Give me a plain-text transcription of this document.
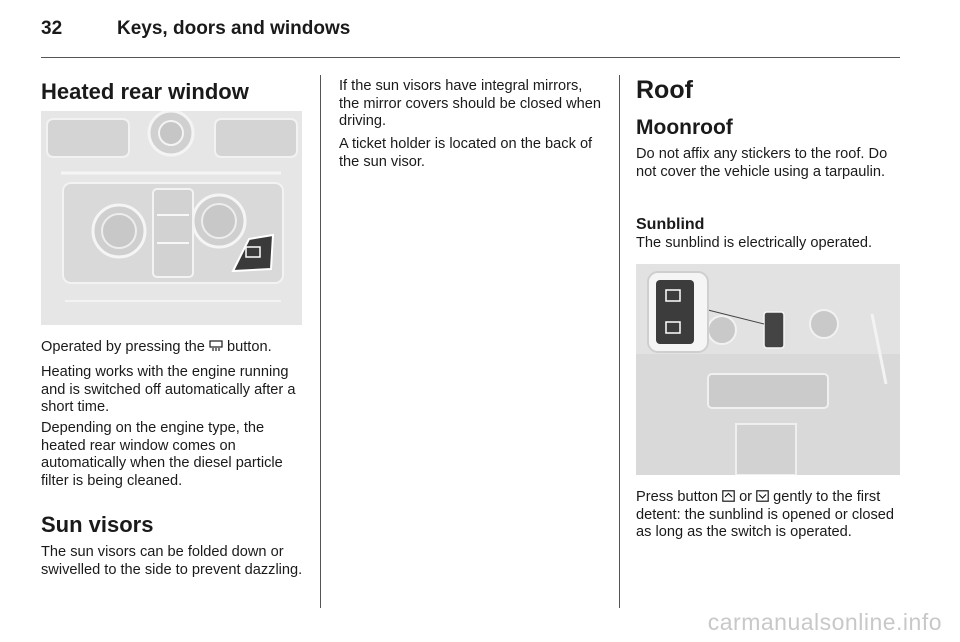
32	Keys, doors and windows
Heated rear window

Operated by pressing the button.

Heating works with the engine running and is switched off automatically after a short time.

Depending on the engine type, the heated rear window comes on automatically when the diesel particle filter is being cleaned.

Sun visors

The sun visors can be folded down or swivelled to the side to prevent dazzling.

If the sun visors have integral mirrors, the mirror covers should be closed when driving.

A ticket holder is located on the back of the sun visor.

Roof
Moonroof

Do not affix any stickers to the roof. Do not cover the vehicle using a tarpaulin.

Sunblind

The sunblind is electrically operated.

Press button or gently to the first detent: the sunblind is opened or closed as long as the switch is operated.

carmanualsonline.info
